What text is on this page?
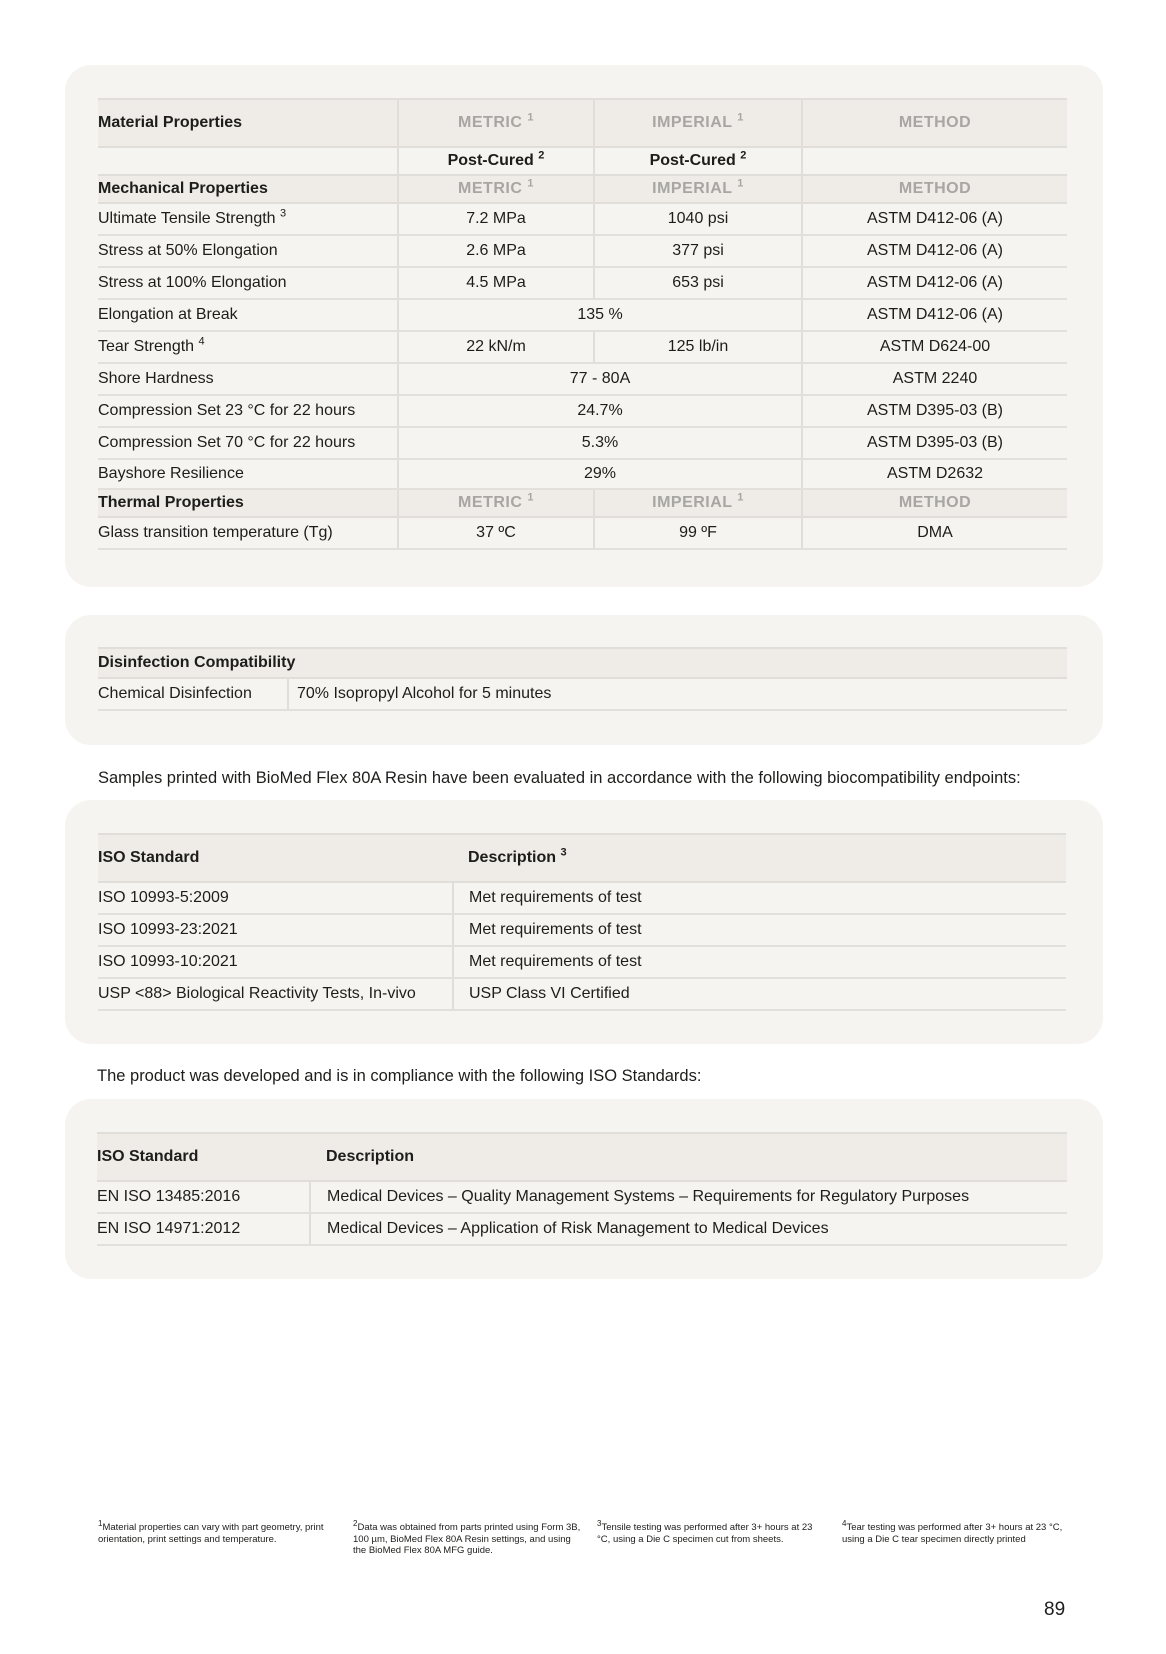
Material Properties	METRIC $^1$	IMPERIAL $^1$	METHOD
	Post-Cured $^2$	Post-Cured $^2$	
Mechanical Properties	METRIC $^1$	IMPERIAL $^1$	METHOD
Ultimate Tensile Strength $^3$	7.2 MPa	1040 psi	ASTM D412-06 (A)
Stress at 50% Elongation	2.6 MPa	377 psi	ASTM D412-06 (A)
Stress at 100% Elongation	4.5 MPa	653 psi	ASTM D412-06 (A)
Elongation at Break	135 %		ASTM D412-06 (A)
Tear Strength $^4$	22 kN/m	125 lb/in	ASTM D624-00
Shore Hardness	77 - 80A		ASTM 2240
Compression Set 23 °C for 22 hours	24.7%		ASTM D395-03 (B)
Compression Set 70 °C for 22 hours	5.3%		ASTM D395-03 (B)
Bayshore Resilience	29%		ASTM D2632
Thermal Properties	METRIC $^1$	IMPERIAL $^1$	METHOD
Glass transition temperature (Tg)	37 ºC	99 ºF	DMA
Disinfection Compatibility
Chemical Disinfection	70% Isopropyl Alcohol for 5 minutes
Samples printed with BioMed Flex 80A Resin have been evaluated in accordance with the following biocompatibility endpoints:
ISO Standard	Description $^3$
ISO 10993-5:2009	Met requirements of test
ISO 10993-23:2021	Met requirements of test
ISO 10993-10:2021	Met requirements of test
USP <88> Biological Reactivity Tests, In-vivo	USP Class VI Certified
The product was developed and is in compliance with the following ISO Standards:
ISO Standard	Description
EN ISO 13485:2016	Medical Devices – Quality Management Systems – Requirements for Regulatory Purposes
EN ISO 14971:2012	Medical Devices – Application of Risk Management to Medical Devices
$^1$Material properties can vary with part geometry, print orientation, print settings and temperature.
$^2$Data was obtained from parts printed using Form 3B, 100 µm, BioMed Flex 80A Resin settings, and using the BioMed Flex 80A MFG guide.
$^3$Tensile testing was performed after 3+ hours at 23 °C, using a Die C specimen cut from sheets.
$^4$Tear testing was performed after 3+ hours at 23 °C, using a Die C tear specimen directly printed
89
